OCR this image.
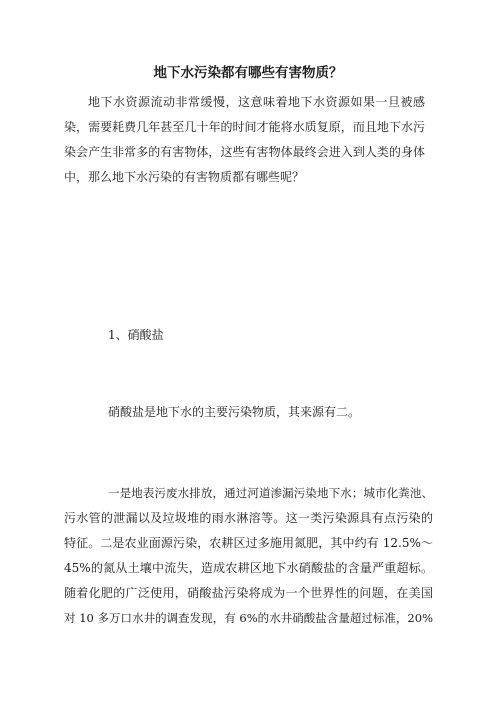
地下水污染都有哪些有害物质？
地下水资源流动非常缓慢，这意味着地下水资源如果一旦被感
染，需要耗费几年甚至几十年的时间才能将水质复原，而且地下水污
染会产生非常多的有害物体，这些有害物体最终会进入到人类的身体
中，那么地下水污染的有害物质都有哪些呢？
1、硝酸盐
硝酸盐是地下水的主要污染物质，其来源有二。
一是地表污废水排放，通过河道渗漏污染地下水；城市化粪池、
污水管的泄漏以及垃圾堆的雨水淋溶等。这一类污染源具有点污染的
特征。二是农业面源污染，农耕区过多施用氮肥，其中约有 12.5%～
45%的氮从土壤中流失，造成农耕区地下水硝酸盐的含量严重超标。
随着化肥的广泛使用，硝酸盐污染将成为一个世界性的问题，在美国
对 10 多万口水井的调查发现，有 6%的水井硝酸盐含量超过标准，20%
